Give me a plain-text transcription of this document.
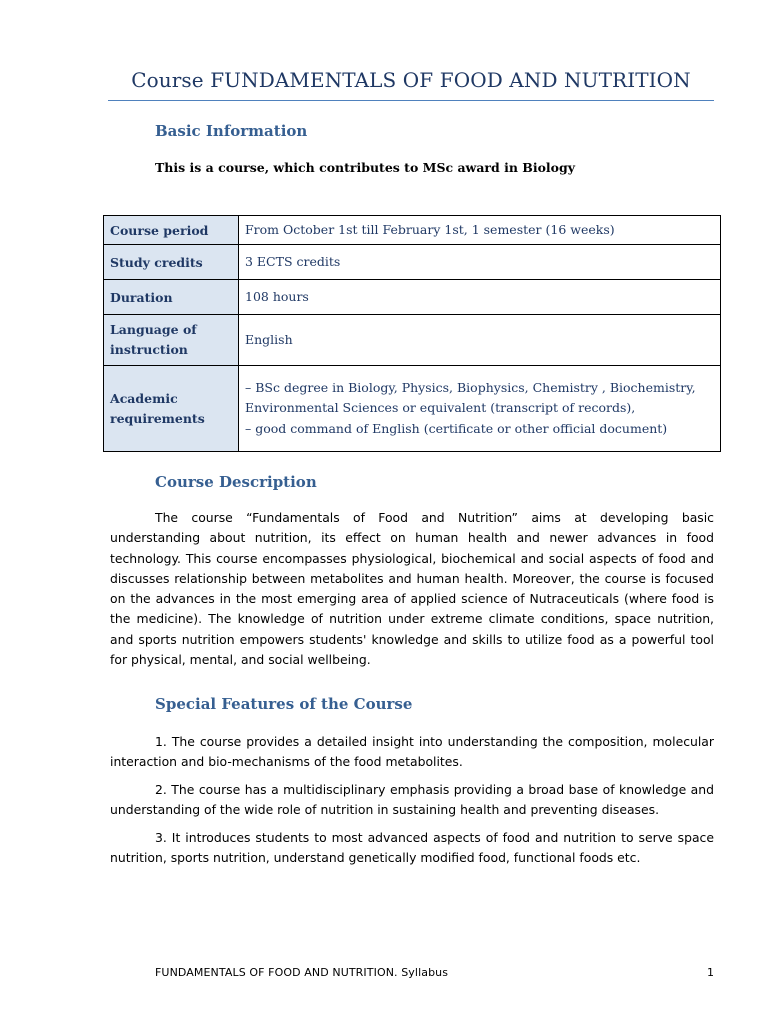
Course FUNDAMENTALS OF FOOD AND NUTRITION
Basic Information
This is a course, which contributes to MSc award in Biology
Course period	From October 1st till February 1st, 1 semester (16 weeks)
Study credits	3 ECTS credits
Duration	108 hours
Language of instruction	English
Academic requirements	– BSc degree in Biology, Physics, Biophysics, Chemistry , Biochemistry, Environmental Sciences or equivalent (transcript of records),
– good command of English (certificate or other official document)
Course Description
The course “Fundamentals of Food and Nutrition” aims at developing basic understanding about nutrition, its effect on human health and newer advances in food technology. This course encompasses physiological, biochemical and social aspects of food and discusses relationship between metabolites and human health. Moreover, the course is focused on the advances in the most emerging area of applied science of Nutraceuticals (where food is the medicine). The knowledge of nutrition under extreme climate conditions, space nutrition, and sports nutrition empowers students' knowledge and skills to utilize food as a powerful tool for physical, mental, and social wellbeing.
Special Features of the Course
1. The course provides a detailed insight into understanding the composition, molecular interaction and bio-mechanisms of the food metabolites.
2. The course has a multidisciplinary emphasis providing a broad base of knowledge and understanding of the wide role of nutrition in sustaining health and preventing diseases.
3. It introduces students to most advanced aspects of food and nutrition to serve space nutrition, sports nutrition, understand genetically modified food, functional foods etc.
FUNDAMENTALS OF FOOD AND NUTRITION. Syllabus	1
